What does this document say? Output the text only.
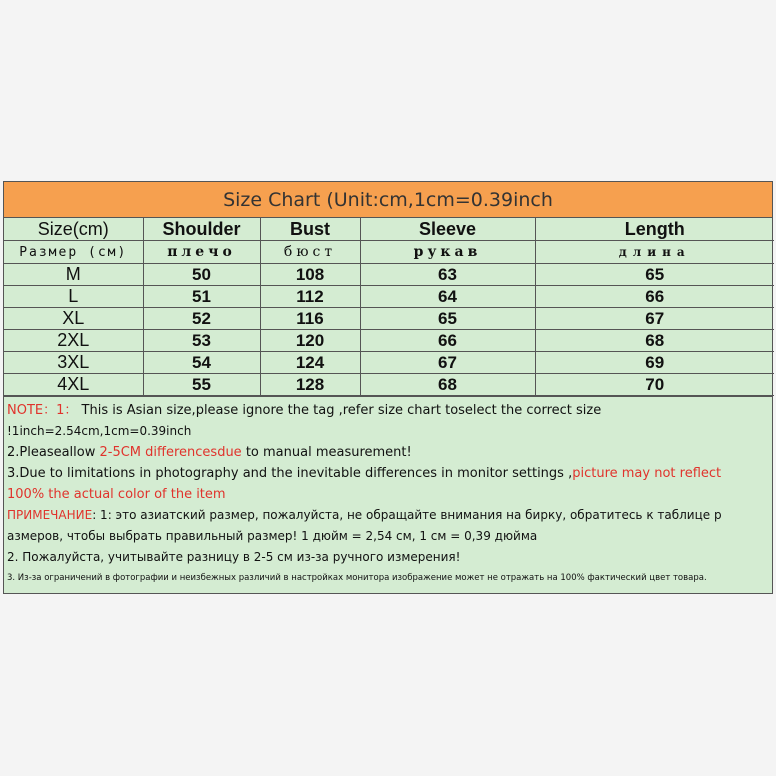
Size Chart (Unit:cm,1cm=0.39inch
Size(cm)	Shoulder	Bust	Sleeve	Length
Размер (см)	плечо	бюст	рукав	длина
M	50	108	63	65
L	51	112	64	66
XL	52	116	65	67
2XL	53	120	66	68
3XL	54	124	67	69
4XL	55	128	68	70
NOTE：1： This is Asian size,please ignore the tag ,refer size chart toselect the correct size
!1inch=2.54cm,1cm=0.39inch
2.Pleaseallow 2-5CM differencesdue to manual measurement!
3.Due to limitations in photography and the inevitable differences in monitor settings ,picture may not reflect
100% the actual color of the item
ПРИМЕЧАНИЕ: 1: это азиатский размер, пожалуйста, не обращайте внимания на бирку, обратитесь к таблице р
азмеров, чтобы выбрать правильный размер! 1 дюйм = 2,54 см, 1 см = 0,39 дюйма
2. Пожалуйста, учитывайте разницу в 2-5 см из-за ручного измерения!
3. Из-за ограничений в фотографии и неизбежных различий в настройках монитора изображение может не отражать на 100% фактический цвет товара.
